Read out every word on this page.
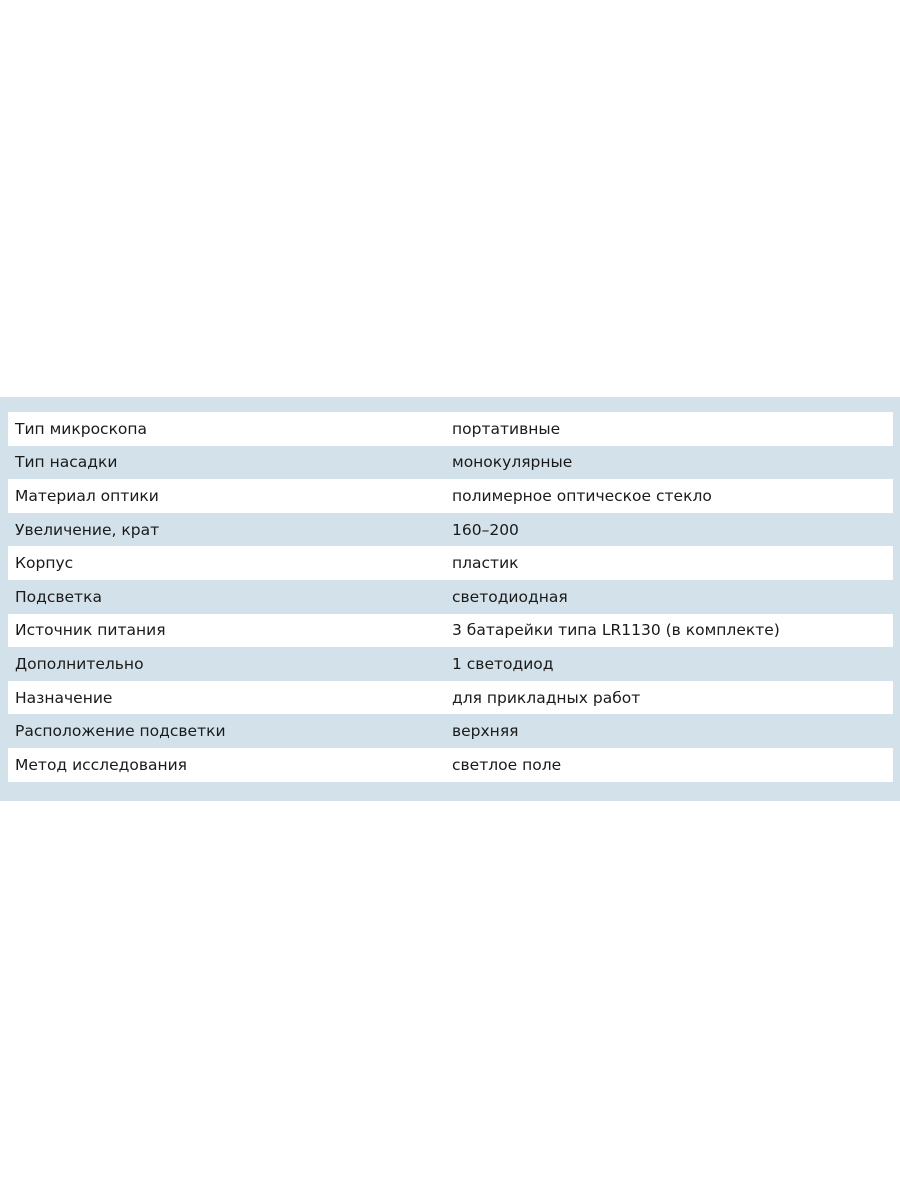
Тип микроскопа	портативные
Тип насадки	монокулярные
Материал оптики	полимерное оптическое стекло
Увеличение, крат	160–200
Корпус	пластик
Подсветка	светодиодная
Источник питания	3 батарейки типа LR1130 (в комплекте)
Дополнительно	1 светодиод
Назначение	для прикладных работ
Расположение подсветки	верхняя
Метод исследования	светлое поле
